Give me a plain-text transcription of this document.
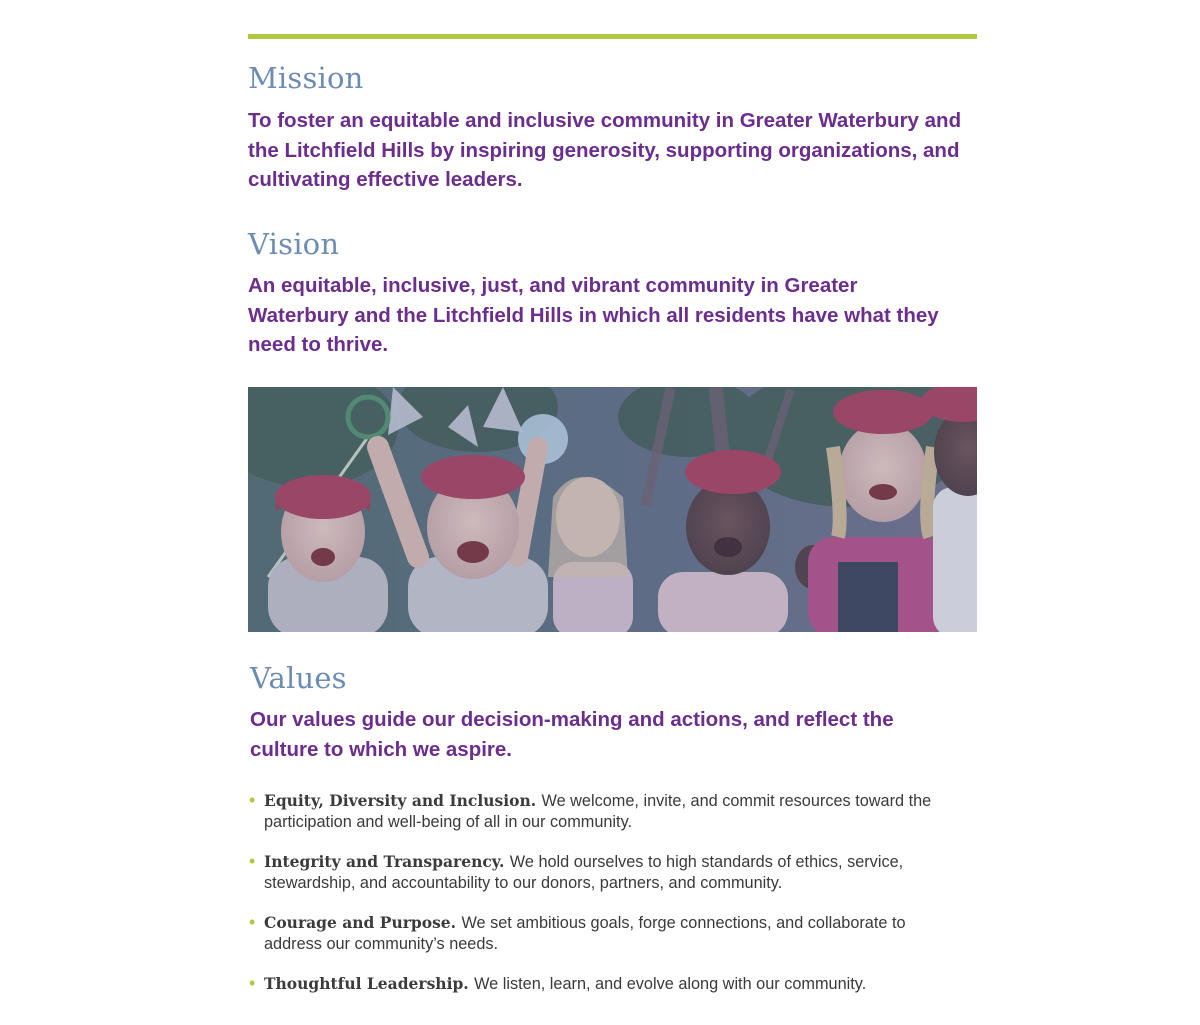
Mission

To foster an equitable and inclusive community in Greater Waterbury and the Litchfield Hills by inspiring generosity, supporting organizations, and cultivating effective leaders.

Vision

An equitable, inclusive, just, and vibrant community in Greater Waterbury and the Litchfield Hills in which all residents have what they need to thrive.

Values

Our values guide our decision-making and actions, and reflect the culture to which we aspire.

• Equity, Diversity and Inclusion. We welcome, invite, and commit resources toward the participation and well-being of all in our community.
• Integrity and Transparency. We hold ourselves to high standards of ethics, service, stewardship, and accountability to our donors, partners, and community.
• Courage and Purpose. We set ambitious goals, forge connections, and collaborate to address our community’s needs.
• Thoughtful Leadership. We listen, learn, and evolve along with our community.
